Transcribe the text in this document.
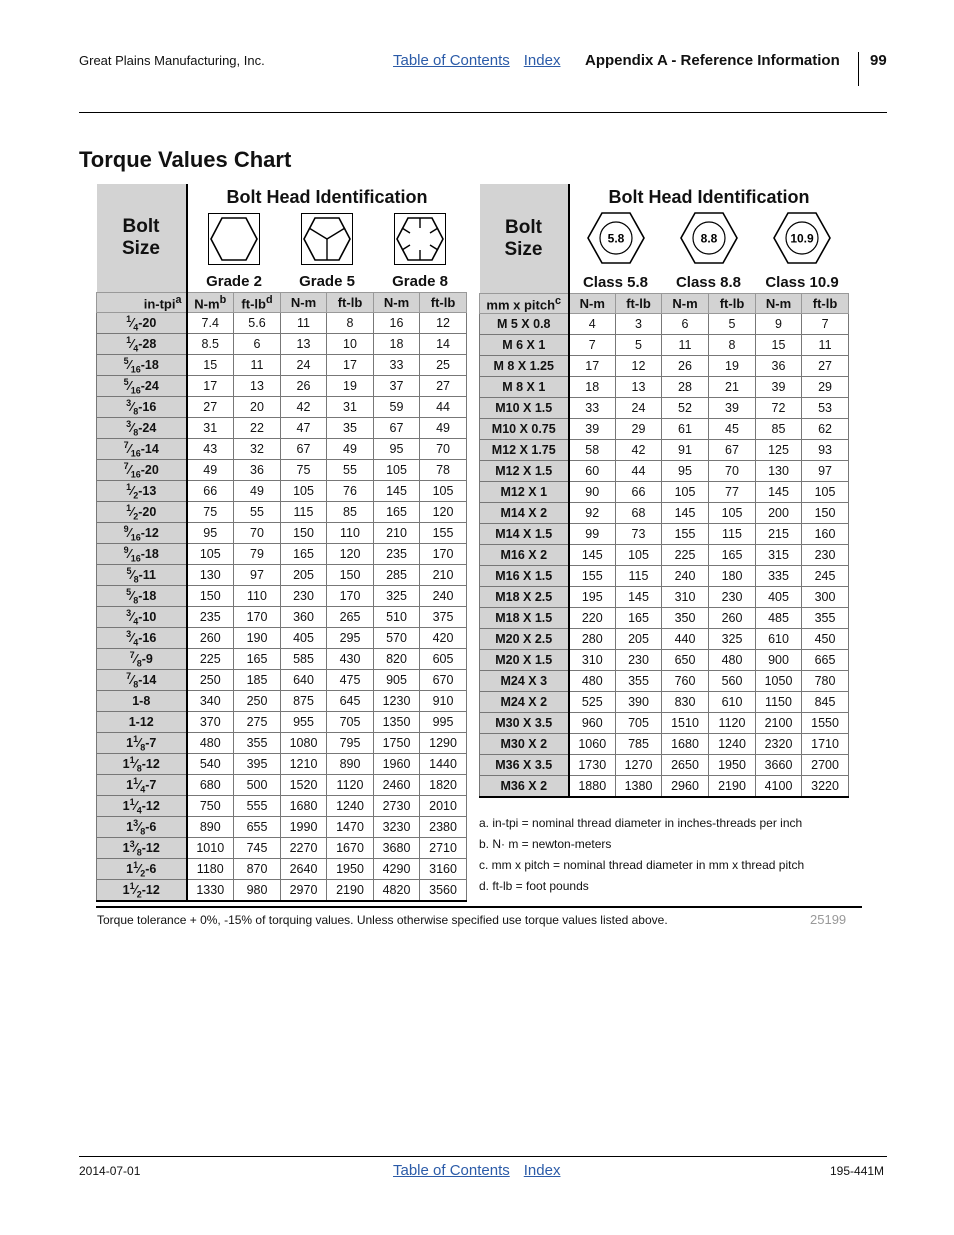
Great Plains Manufacturing, Inc.	Table of Contents Index Appendix A - Reference Information 99
Torque Values Chart
Bolt
Size	Bolt Head Identification					

	Grade 2		Grade 5		Grade 8	
in-tpi$^a$	$N-m^b$	$ft-lb^d$	N-m	ft-lb	N-m	ft-lb
$^1⁄_4-20$	7.4	5.6	11	8	16	12
$^1⁄_4-28$	8.5	6	13	10	18	14
$^5⁄_{16}-18$	15	11	24	17	33	25
$^5⁄_{16}-24$	17	13	26	19	37	27
$^3⁄_8-16$	27	20	42	31	59	44
$^3⁄_8-24$	31	22	47	35	67	49
$^7⁄_{16}-14$	43	32	67	49	95	70
$^7⁄_{16}-20$	49	36	75	55	105	78
$^1⁄_2-13$	66	49	105	76	145	105
$^1⁄_2-20$	75	55	115	85	165	120
$^9⁄_{16}-12$	95	70	150	110	210	155
$^9⁄_{16}-18$	105	79	165	120	235	170
$^5⁄_8-11$	130	97	205	150	285	210
$^5⁄_8-18$	150	110	230	170	325	240
$^3⁄_4-10$	235	170	360	265	510	375
$^3⁄_4-16$	260	190	405	295	570	420
$^7⁄_8-9$	225	165	585	430	820	605
$^7⁄_8-14$	250	185	640	475	905	670
1-8	340	250	875	645	1230	910
1-12	370	275	955	705	1350	995
$1^1⁄_8-7$	480	355	1080	795	1750	1290
$1^1⁄_8-12$	540	395	1210	890	1960	1440
$1^1⁄_4-7$	680	500	1520	1120	2460	1820
$1^1⁄_4-12$	750	555	1680	1240	2730	2010
$1^3⁄_8-6$	890	655	1990	1470	3230	2380
$1^3⁄_8-12$	1010	745	2270	1670	3680	2710
$1^1⁄_2-6$	1180	870	2640	1950	4290	3160
$1^1⁄_2-12$	1330	980	2970	2190	4820	3560
Bolt
Size	Bolt Head Identification					

5.8		8.8		10.9	

	Class 5.8		Class 8.8		Class 10.9	
mm x pitch$^c$	N-m	ft-lb	N-m	ft-lb	N-m	ft-lb
M 5 X 0.8	4	3	6	5	9	7
M 6 X 1	7	5	11	8	15	11
M 8 X 1.25	17	12	26	19	36	27
M 8 X 1	18	13	28	21	39	29
M10 X 1.5	33	24	52	39	72	53
M10 X 0.75	39	29	61	45	85	62
M12 X 1.75	58	42	91	67	125	93
M12 X 1.5	60	44	95	70	130	97
M12 X 1	90	66	105	77	145	105
M14 X 2	92	68	145	105	200	150
M14 X 1.5	99	73	155	115	215	160
M16 X 2	145	105	225	165	315	230
M16 X 1.5	155	115	240	180	335	245
M18 X 2.5	195	145	310	230	405	300
M18 X 1.5	220	165	350	260	485	355
M20 X 2.5	280	205	440	325	610	450
M20 X 1.5	310	230	650	480	900	665
M24 X 3	480	355	760	560	1050	780
M24 X 2	525	390	830	610	1150	845
M30 X 3.5	960	705	1510	1120	2100	1550
M30 X 2	1060	785	1680	1240	2320	1710
M36 X 3.5	1730	1270	2650	1950	3660	2700
M36 X 2	1880	1380	2960	2190	4100	3220
a. in-tpi = nominal thread diameter in inches-threads per inch
b. N· m = newton-meters
c. mm x pitch = nominal thread diameter in mm x thread pitch
d. ft-lb = foot pounds
Torque tolerance + 0%, -15% of torquing values. Unless otherwise specified use torque values listed above.	25199
2014-07-01	Table of Contents Index	195-441M
